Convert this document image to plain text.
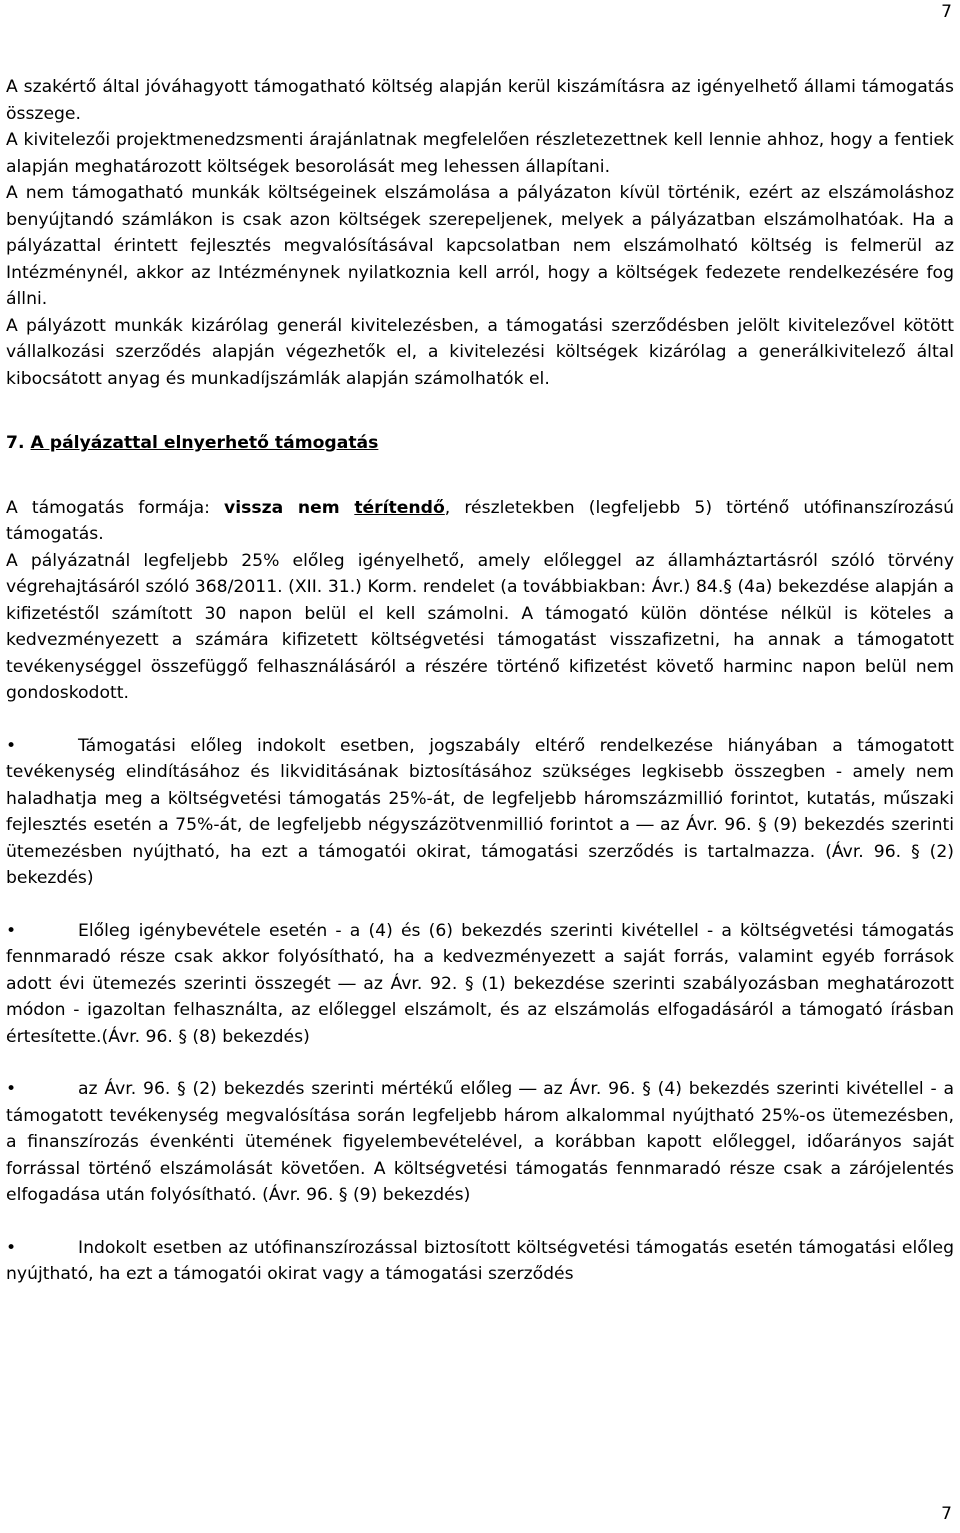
7

A szakértő által jóváhagyott támogatható költség alapján kerül kiszámításra az igényelhető állami támogatás összege.

A kivitelezői projektmenedzsmenti árajánlatnak megfelelően részletezettnek kell lennie ahhoz, hogy a fentiek alapján meghatározott költségek besorolását meg lehessen állapítani.

A nem támogatható munkák költségeinek elszámolása a pályázaton kívül történik, ezért az elszámoláshoz benyújtandó számlákon is csak azon költségek szerepeljenek, melyek a pályázatban elszámolhatóak. Ha a pályázattal érintett fejlesztés megvalósításával kapcsolatban nem elszámolható költség is felmerül az Intézménynél, akkor az Intézménynek nyilatkoznia kell arról, hogy a költségek fedezete rendelkezésére fog állni.

A pályázott munkák kizárólag generál kivitelezésben, a támogatási szerződésben jelölt kivitelezővel kötött vállalkozási szerződés alapján végezhetők el, a kivitelezési költségek kizárólag a generálkivitelező által kibocsátott anyag és munkadíjszámlák alapján számolhatók el.

7. A pályázattal elnyerhető támogatás

A támogatás formája: vissza nem térítendő, részletekben (legfeljebb 5) történő utófinanszírozású támogatás.

A pályázatnál legfeljebb 25% előleg igényelhető, amely előleggel az államháztartásról szóló törvény végrehajtásáról szóló 368/2011. (XII. 31.) Korm. rendelet (a továbbiakban: Ávr.) 84.§ (4a) bekezdése alapján a kifizetéstől számított 30 napon belül el kell számolni. A támogató külön döntése nélkül is köteles a kedvezményezett a számára kifizetett költségvetési támogatást visszafizetni, ha annak a támogatott tevékenységgel összefüggő felhasználásáról a részére történő kifizetést követő harminc napon belül nem gondoskodott.

•	Támogatási előleg indokolt esetben, jogszabály eltérő rendelkezése hiányában a támogatott tevékenység elindításához és likviditásának biztosításához szükséges legkisebb összegben - amely nem haladhatja meg a költségvetési támogatás 25%-át, de legfeljebb háromszázmillió forintot, kutatás, műszaki fejlesztés esetén a 75%-át, de legfeljebb négyszázötvenmillió forintot a ― az Ávr. 96. § (9) bekezdés szerinti ütemezésben nyújtható, ha ezt a támogatói okirat, támogatási szerződés is tartalmazza. (Ávr. 96. § (2) bekezdés)

•	Előleg igénybevétele esetén - a (4) és (6) bekezdés szerinti kivétellel - a költségvetési támogatás fennmaradó része csak akkor folyósítható, ha a kedvezményezett a saját forrás, valamint egyéb források adott évi ütemezés szerinti összegét ― az Ávr. 92. § (1) bekezdése szerinti szabályozásban meghatározott módon - igazoltan felhasználta, az előleggel elszámolt, és az elszámolás elfogadásáról a támogató írásban értesítette.(Ávr. 96. § (8) bekezdés)

•	az Ávr. 96. § (2) bekezdés szerinti mértékű előleg ― az Ávr. 96. § (4) bekezdés szerinti kivétellel - a támogatott tevékenység megvalósítása során legfeljebb három alkalommal nyújtható 25%-os ütemezésben, a finanszírozás évenkénti ütemének figyelembevételével, a korábban kapott előleggel, időarányos saját forrással történő elszámolását követően. A költségvetési támogatás fennmaradó része csak a zárójelentés elfogadása után folyósítható. (Ávr. 96. § (9) bekezdés)

•	Indokolt esetben az utófinanszírozással biztosított költségvetési támogatás esetén támogatási előleg nyújtható, ha ezt a támogatói okirat vagy a támogatási szerződés

7
